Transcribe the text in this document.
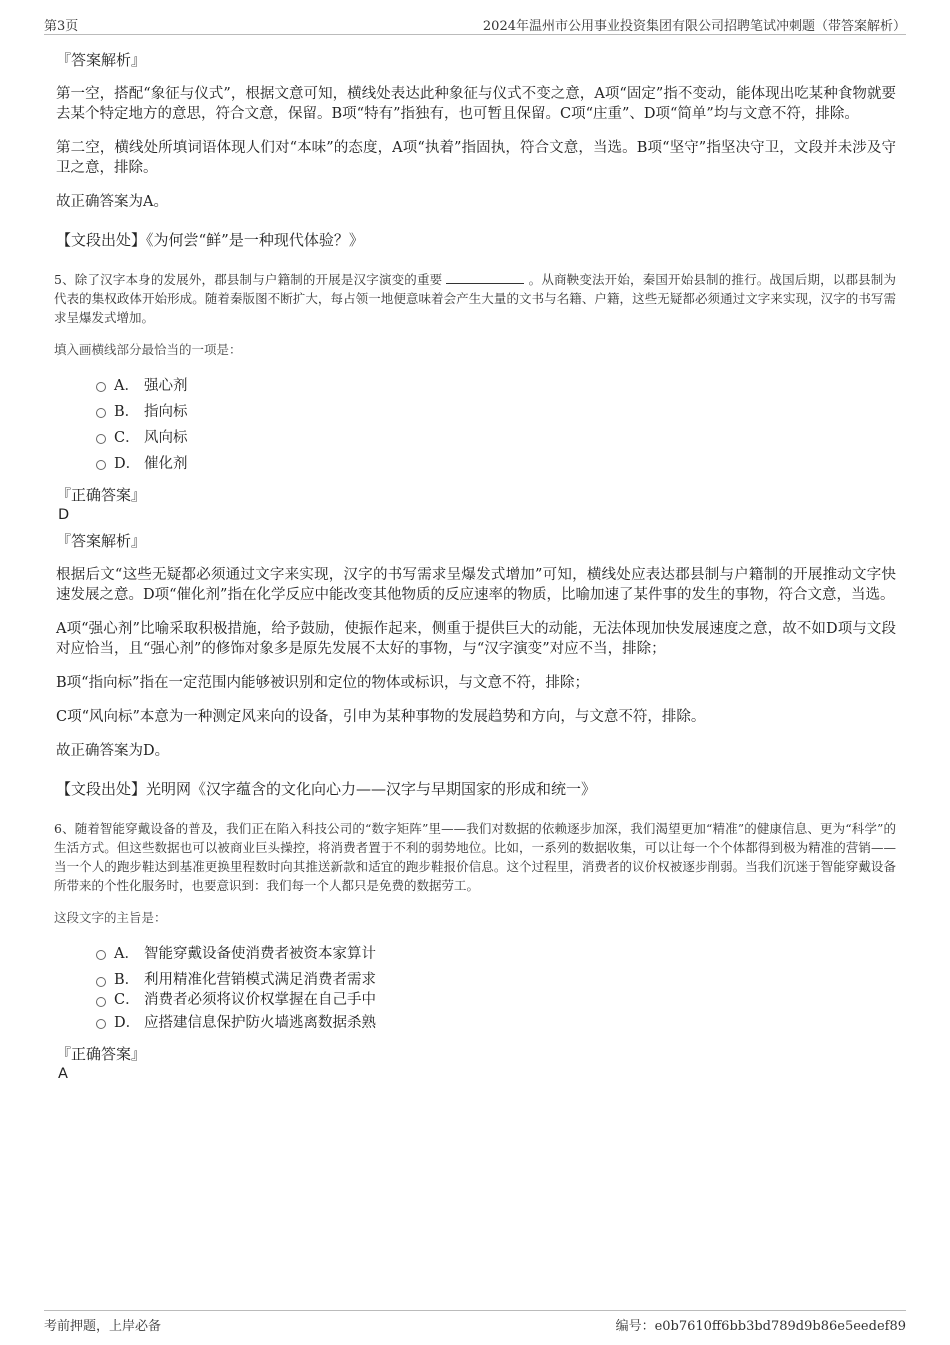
第3页	2024年温州市公用事业投资集团有限公司招聘笔试冲刺题（带答案解析）
『答案解析』
第一空，搭配“象征与仪式”，根据文意可知，横线处表达此种象征与仪式不变之意，A项“固定”指不变动，能体现出吃某种食物就要去某个特定地方的意思，符合文意，保留。B项“特有”指独有，也可暂且保留。C项“庄重”、D项“简单”均与文意不符，排除。
第二空，横线处所填词语体现人们对“本味”的态度，A项“执着”指固执，符合文意，当选。B项“坚守”指坚决守卫，文段并未涉及守卫之意，排除。
故正确答案为A。
【文段出处】《为何尝“鲜”是一种现代体验？》
5、除了汉字本身的发展外，郡县制与户籍制的开展是汉字演变的重要	。从商鞅变法开始，秦国开始县制的推行。战国后期，以郡县制为代表的集权政体开始形成。随着秦版图不断扩大，每占领一地便意味着会产生大量的文书与名籍、户籍，这些无疑都必须通过文字来实现，汉字的书写需求呈爆发式增加。
填入画横线部分最恰当的一项是：
A． 强心剂
B． 指向标
C． 风向标
D． 催化剂
『正确答案』
D
『答案解析』
根据后文“这些无疑都必须通过文字来实现，汉字的书写需求呈爆发式增加”可知，横线处应表达郡县制与户籍制的开展推动文字快速发展之意。D项“催化剂”指在化学反应中能改变其他物质的反应速率的物质，比喻加速了某件事的发生的事物，符合文意，当选。
A项“强心剂”比喻采取积极措施，给予鼓励，使振作起来，侧重于提供巨大的动能，无法体现加快发展速度之意，故不如D项与文段对应恰当，且“强心剂”的修饰对象多是原先发展不太好的事物，与“汉字演变”对应不当，排除；
B项“指向标”指在一定范围内能够被识别和定位的物体或标识，与文意不符，排除；
C项“风向标”本意为一种测定风来向的设备，引申为某种事物的发展趋势和方向，与文意不符，排除。
故正确答案为D。
【文段出处】光明网《汉字蕴含的文化向心力——汉字与早期国家的形成和统一》
6、随着智能穿戴设备的普及，我们正在陷入科技公司的“数字矩阵”里——我们对数据的依赖逐步加深，我们渴望更加“精准”的健康信息、更为“科学”的生活方式。但这些数据也可以被商业巨头操控，将消费者置于不利的弱势地位。比如，一系列的数据收集，可以让每一个个体都得到极为精准的营销——当一个人的跑步鞋达到基准更换里程数时向其推送新款和适宜的跑步鞋报价信息。这个过程里，消费者的议价权被逐步削弱。当我们沉迷于智能穿戴设备所带来的个性化服务时，也要意识到：我们每一个人都只是免费的数据劳工。
这段文字的主旨是：
A． 智能穿戴设备使消费者被资本家算计
B． 利用精准化营销模式满足消费者需求
C． 消费者必须将议价权掌握在自己手中
D． 应搭建信息保护防火墙逃离数据杀熟
『正确答案』
A
考前押题，上岸必备	编号：e0b7610ff6bb3bd789d9b86e5eedef89
